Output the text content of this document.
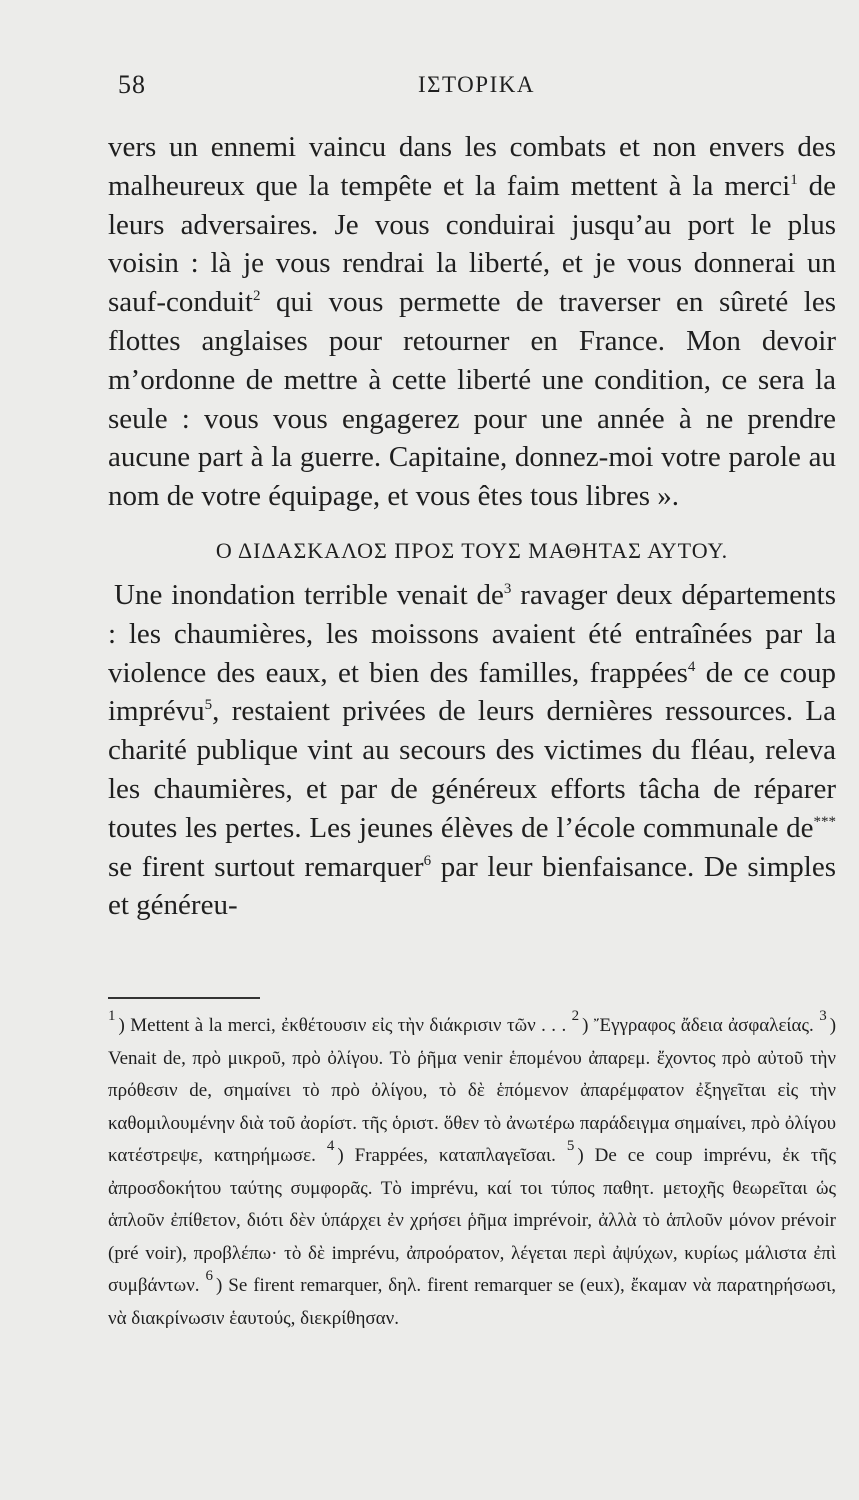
58	ΙΣΤΟΡΙΚΑ

vers un ennemi vaincu dans les combats et non envers des malheureux que la tempête et la faim mettent à la merci$^1$ de leurs adversaires. Je vous conduirai jusqu’au port le plus voisin : là je vous rendrai la liberté, et je vous donnerai un sauf-conduit$^2$ qui vous permette de traverser en sûreté les flottes anglaises pour retourner en France. Mon devoir m’ordonne de mettre à cette liberté une condition, ce sera la seule : vous vous engagerez pour une année à ne prendre aucune part à la guerre. Capitaine, donnez-moi votre parole au nom de votre équipage, et vous êtes tous libres ».

Ο ΔΙΔΑΣΚΑΛΟΣ ΠΡΟΣ ΤΟΥΣ ΜΑΘΗΤΑΣ ΑΥΤΟΥ.

Une inondation terrible venait $de^3$ ravager deux départements : les chaumières, les moissons avaient été entraînées par la violence des eaux, et bien des familles, frappées$^4$ de ce coup imprévu$^5$, restaient privées de leurs dernières ressources. La charité publique vint au secours des victimes du fléau, releva les chaumières, et par de généreux efforts tâcha de réparer toutes les pertes. Les jeunes élèves de l’école communale de*** se firent surtout remarquer$^6$ par leur bienfaisance. De simples et généreu-

$^1$ ) Mettent à la merci, ἐκθέτουσιν εἰς τὴν διάκρισιν τῶν . . . $^2$ ) Ἔγγραφος ἄδεια ἀσφαλείας. $^3$ ) Venait de, πρὸ μικροῦ, πρὸ ὀλίγου. Τὸ ῥῆμα venir ἑπομένου ἀπαρεμ. ἔχοντος πρὸ αὐτοῦ τὴν πρόθεσιν de, σημαίνει τὸ πρὸ ὀλίγου, τὸ δὲ ἑπόμενον ἀπαρέμφατον ἐξηγεῖται εἰς τὴν καθομιλουμένην διὰ τοῦ ἀορίστ. τῆς ὁριστ. ὅθεν τὸ ἀνωτέρω παράδειγμα σημαίνει, πρὸ ὀλίγου κατέστρεψε, κατηρήμωσε. $^4$ ) Frappées, καταπλαγεῖσαι. $^5$ ) De ce coup imprévu, ἐκ τῆς ἀπροσδοκήτου ταύτης συμφορᾶς. Τὸ imprévu, καί τοι τύπος παθητ. μετοχῆς θεωρεῖται ὡς ἁπλοῦν ἐπίθετον, διότι δὲν ὑπάρχει ἐν χρήσει ῥῆμα imprévoir, ἀλλὰ τὸ ἁπλοῦν μόνον prévoir (pré voir), προβλέπω· τὸ δὲ imprévu, ἀπροόρατον, λέγεται περὶ ἀψύχων, κυρίως μάλιστα ἐπὶ συμβάντων. $^6$ ) Se firent remarquer, δηλ. firent remarquer se (eux), ἔκαμαν νὰ παρατηρήσωσι, νὰ διακρίνωσιν ἑαυτούς, διεκρίθησαν.
